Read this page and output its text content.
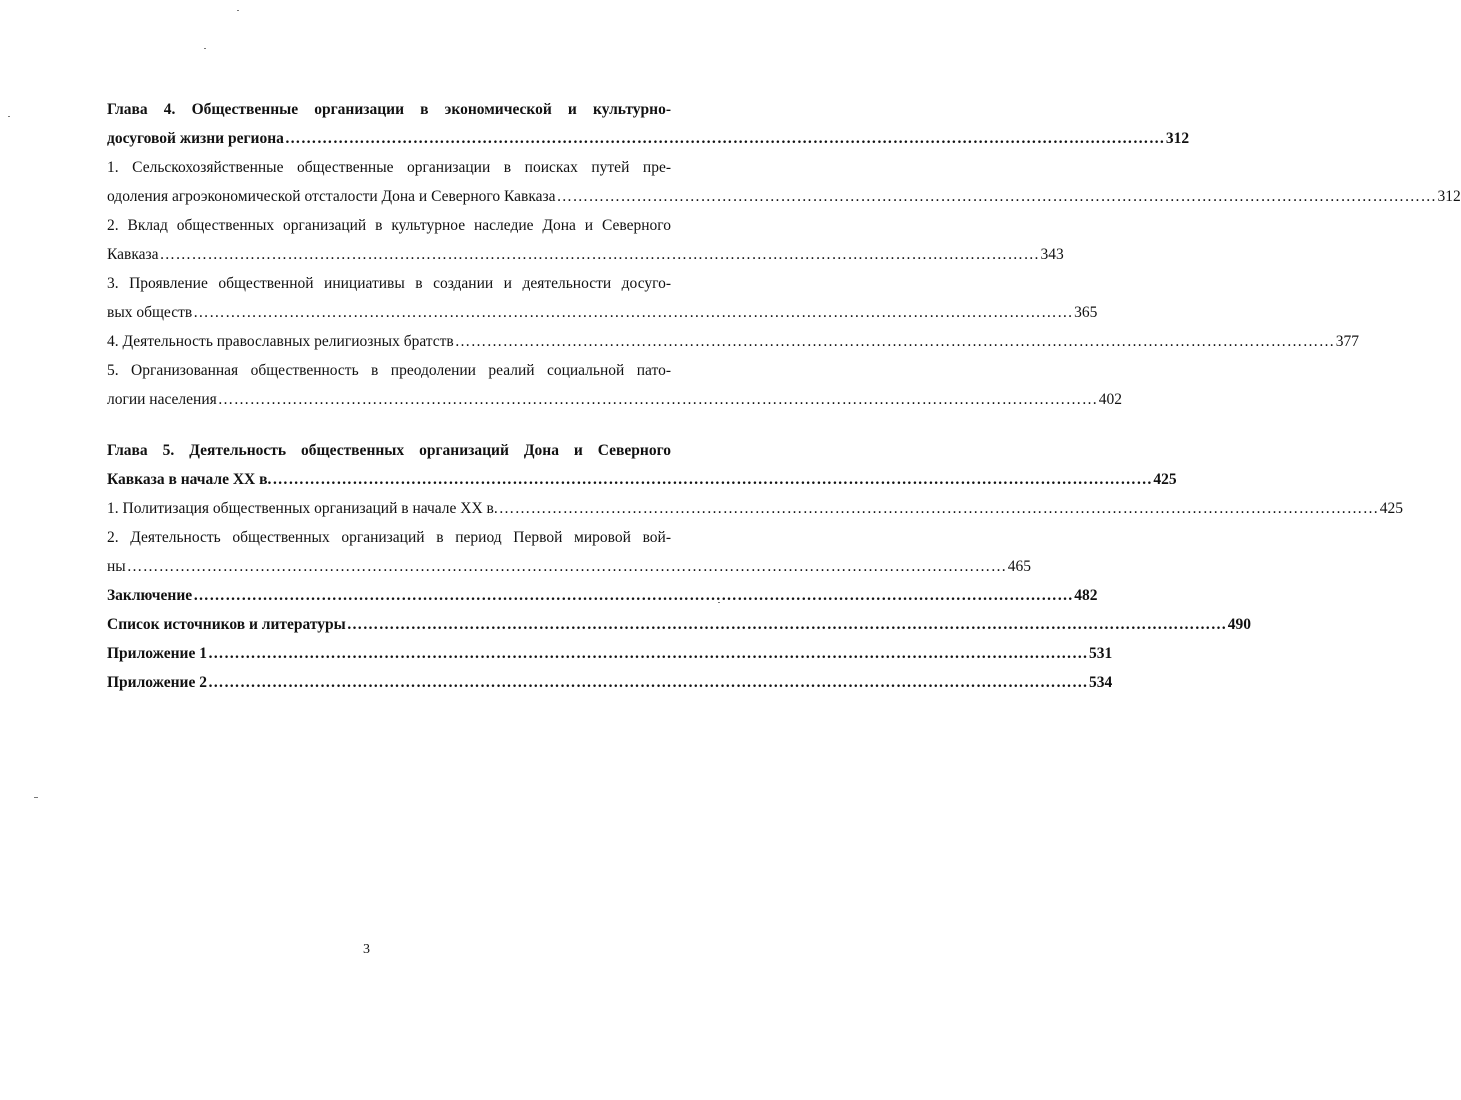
Глава 4. Общественные организации в экономической и культурно-
досуговой жизни региона ………………………………………………………………………………………………………………………………………………… 312
1. Сельскохозяйственные общественные организации в поисках путей пре-
одоления агроэкономической отсталости Дона и Северного Кавказа ………………………………………………………………………………………………………………………………………………… 312
2. Вклад общественных организаций в культурное наследие Дона и Северного
Кавказа ………………………………………………………………………………………………………………………………………………… 343
3. Проявление общественной инициативы в создании и деятельности досуго-
вых обществ ………………………………………………………………………………………………………………………………………………… 365
4. Деятельность православных религиозных братств ………………………………………………………………………………………………………………………………………………… 377
5. Организованная общественность в преодолении реалий социальной пато-
логии населения ………………………………………………………………………………………………………………………………………………… 402
Глава 5. Деятельность общественных организаций Дона и Северного
Кавказа в начале XX в. ………………………………………………………………………………………………………………………………………………… 425
1. Политизация общественных организаций в начале XX в. ………………………………………………………………………………………………………………………………………………… 425
2. Деятельность общественных организаций в период Первой мировой вой-
ны ………………………………………………………………………………………………………………………………………………… 465
Заключение ………………………………………………………………………………………………………………………………………………… 482
Список источников и литературы ………………………………………………………………………………………………………………………………………………… 490
Приложение 1 ………………………………………………………………………………………………………………………………………………… 531
Приложение 2 ………………………………………………………………………………………………………………………………………………… 534
3
